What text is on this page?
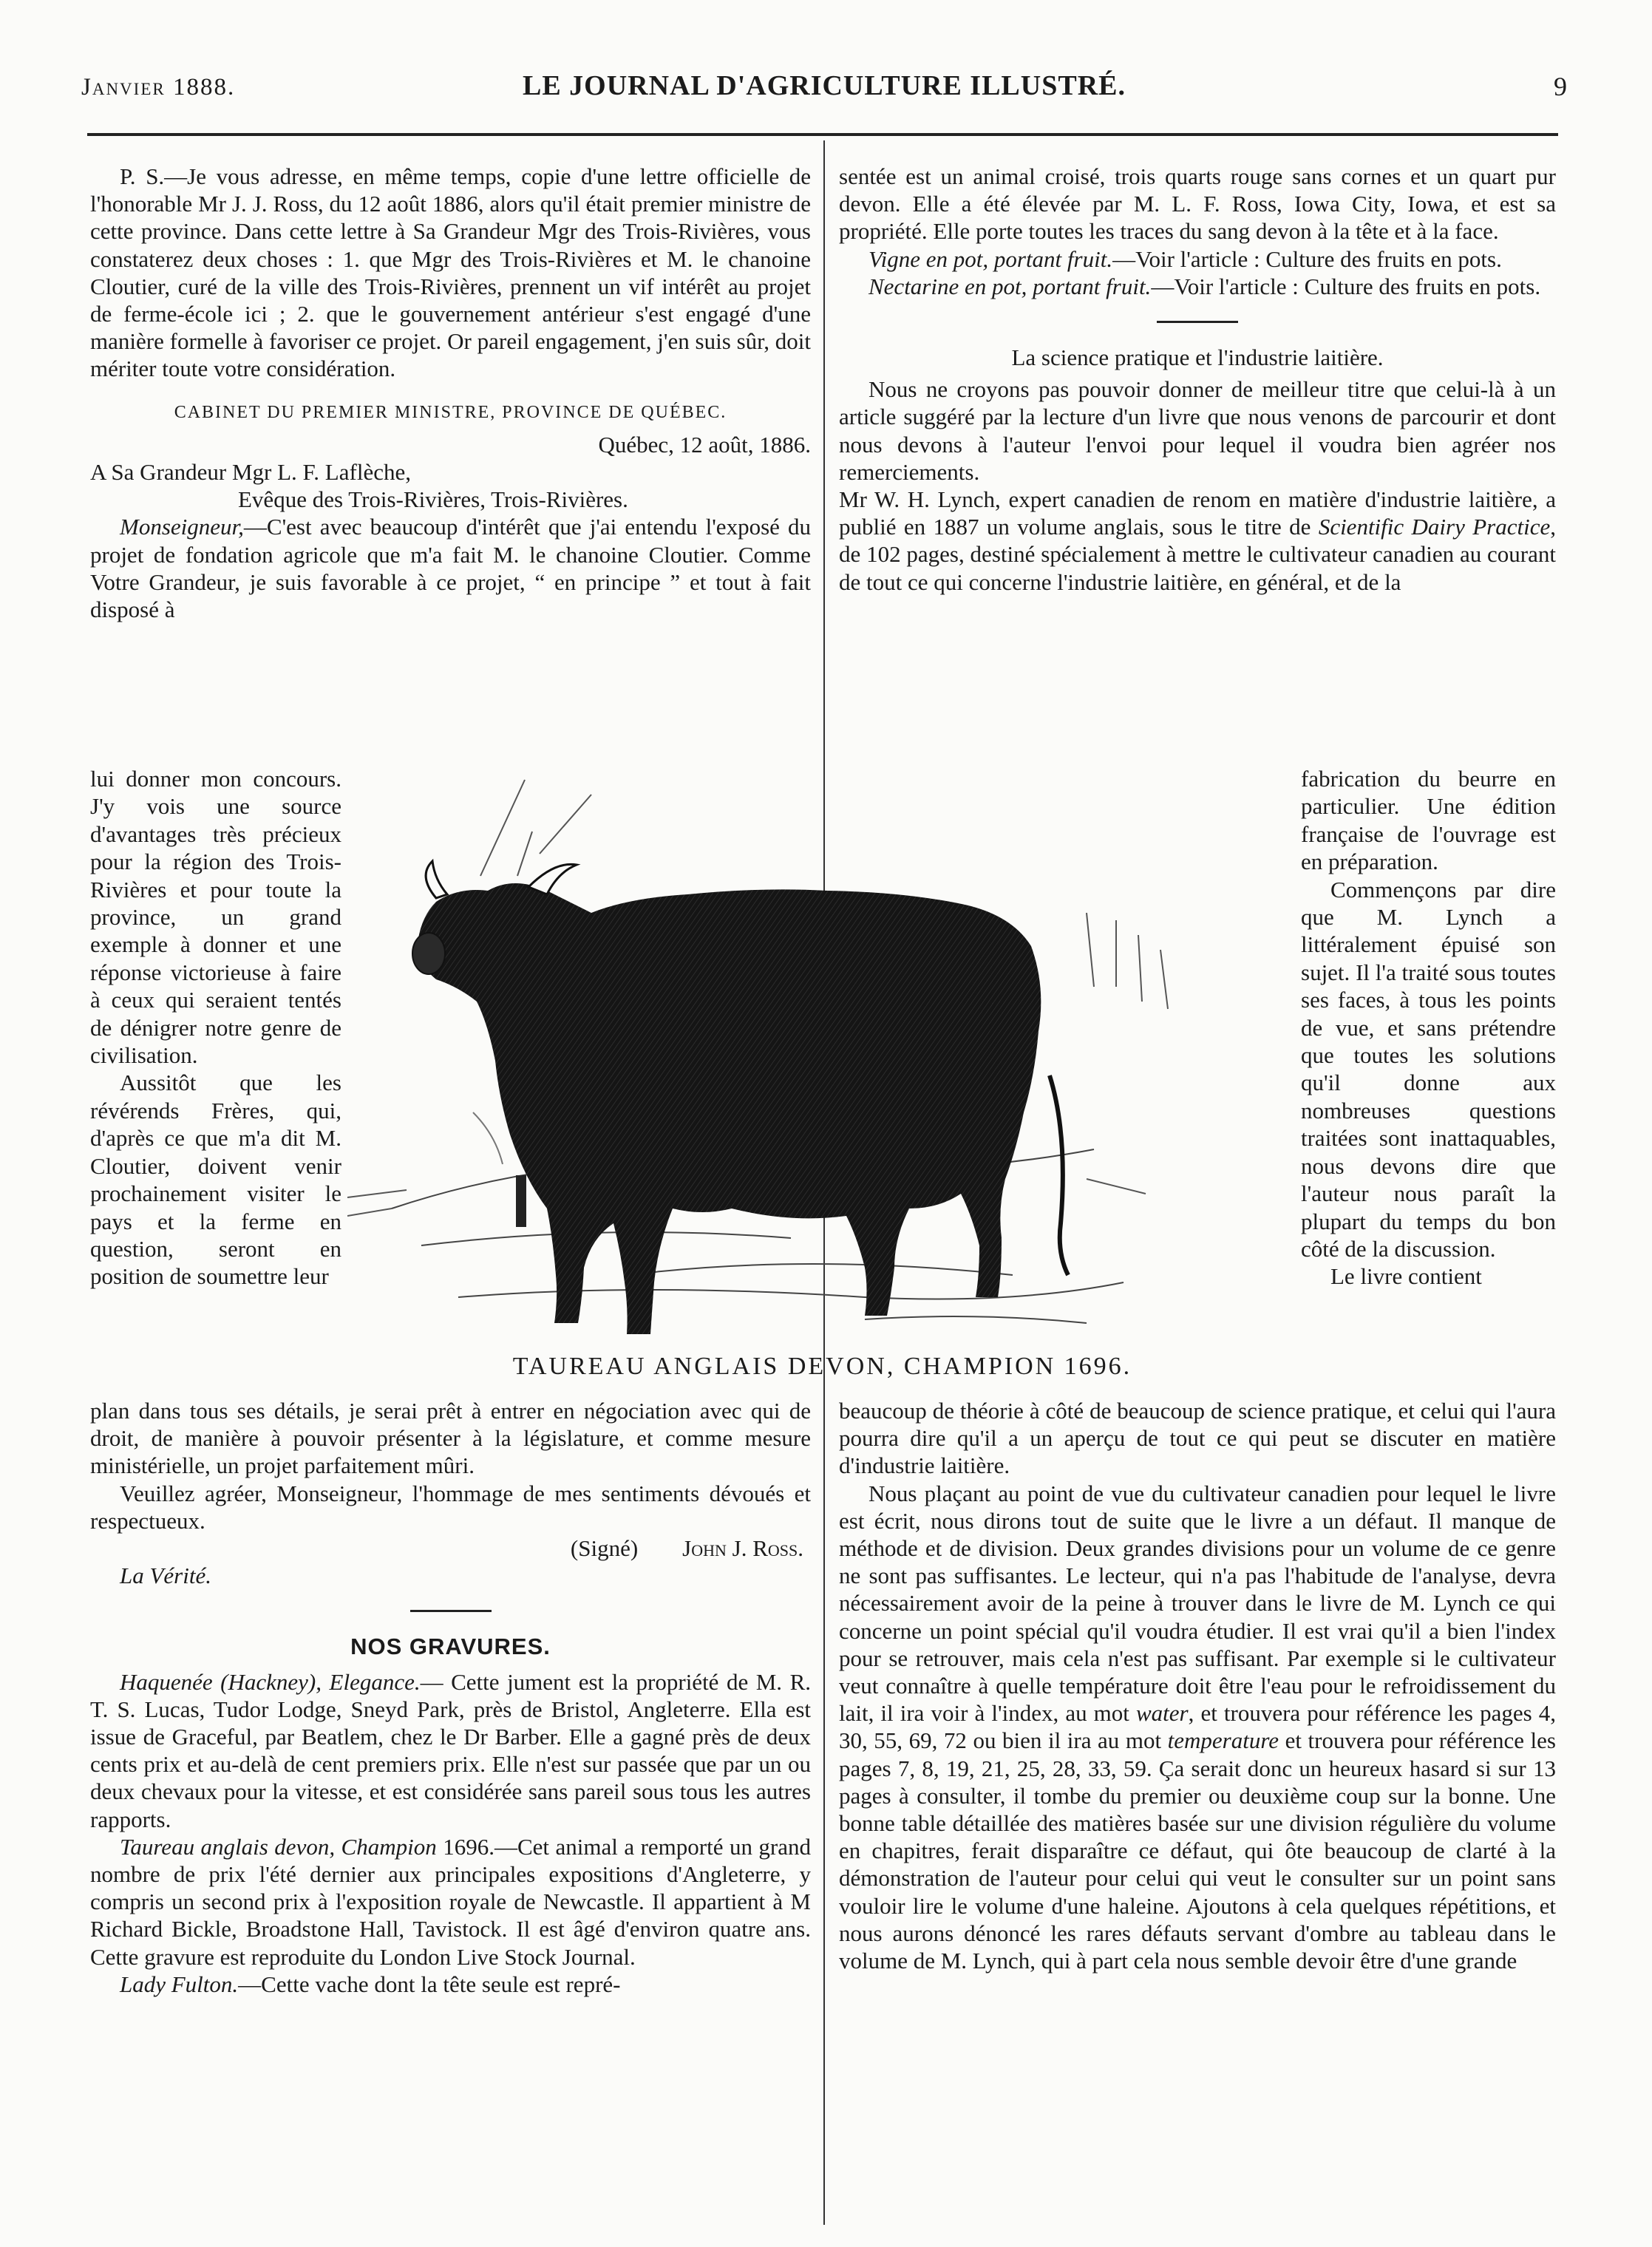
Janvier 1888.	LE JOURNAL D'AGRICULTURE ILLUSTRÉ.	9

P. S.—Je vous adresse, en même temps, copie d'une lettre officielle de l'honorable Mr J. J. Ross, du 12 août 1886, alors qu'il était premier ministre de cette province. Dans cette lettre à Sa Grandeur Mgr des Trois-Rivières, vous constaterez deux choses : 1. que Mgr des Trois-Rivières et M. le chanoine Cloutier, curé de la ville des Trois-Rivières, prennent un vif intérêt au projet de ferme-école ici ; 2. que le gouvernement antérieur s'est engagé d'une manière formelle à favoriser ce projet. Or pareil engagement, j'en suis sûr, doit mériter toute votre considération.

CABINET DU PREMIER MINISTRE, PROVINCE DE QUÉBEC.

Québec, 12 août, 1886.

A Sa Grandeur Mgr L. F. Laflèche,

Evêque des Trois-Rivières, Trois-Rivières.

Monseigneur,—C'est avec beaucoup d'intérêt que j'ai entendu l'exposé du projet de fondation agricole que m'a fait M. le chanoine Cloutier. Comme Votre Grandeur, je suis favorable à ce projet, “ en principe ” et tout à fait disposé à

lui donner mon concours. J'y vois une source d'avantages très précieux pour la région des Trois-Rivières et pour toute la province, un grand exemple à donner et une réponse victorieuse à faire à ceux qui seraient tentés de dénigrer notre genre de civilisation.

Aussitôt que les révérends Frères, qui, d'après ce que m'a dit M. Cloutier, doivent venir prochainement visiter le pays et la ferme en question, seront en position de soumettre leur

TAUREAU ANGLAIS DEVON, CHAMPION 1696.

plan dans tous ses détails, je serai prêt à entrer en négociation avec qui de droit, de manière à pouvoir présenter à la législature, et comme mesure ministérielle, un projet parfaitement mûri.

Veuillez agréer, Monseigneur, l'hommage de mes sentiments dévoués et respectueux.

(Signé) John J. Ross.

La Vérité.

NOS GRAVURES.

Haquenée (Hackney), Elegance.— Cette jument est la propriété de M. R. T. S. Lucas, Tudor Lodge, Sneyd Park, près de Bristol, Angleterre. Ella est issue de Graceful, par Beatlem, chez le Dr Barber. Elle a gagné près de deux cents prix et au-delà de cent premiers prix. Elle n'est sur passée que par un ou deux chevaux pour la vitesse, et est considérée sans pareil sous tous les autres rapports.

Taureau anglais devon, Champion 1696.—Cet animal a remporté un grand nombre de prix l'été dernier aux principales expositions d'Angleterre, y compris un second prix à l'exposition royale de Newcastle. Il appartient à M Richard Bickle, Broadstone Hall, Tavistock. Il est âgé d'environ quatre ans. Cette gravure est reproduite du London Live Stock Journal.

Lady Fulton.—Cette vache dont la tête seule est repré-

sentée est un animal croisé, trois quarts rouge sans cornes et un quart pur devon. Elle a été élevée par M. L. F. Ross, Iowa City, Iowa, et est sa propriété. Elle porte toutes les traces du sang devon à la tête et à la face.

Vigne en pot, portant fruit.—Voir l'article : Culture des fruits en pots.

Nectarine en pot, portant fruit.—Voir l'article : Culture des fruits en pots.

La science pratique et l'industrie laitière.

Nous ne croyons pas pouvoir donner de meilleur titre que celui-là à un article suggéré par la lecture d'un livre que nous venons de parcourir et dont nous devons à l'auteur l'envoi pour lequel il voudra bien agréer nos remerciements.

Mr W. H. Lynch, expert canadien de renom en matière d'industrie laitière, a publié en 1887 un volume anglais, sous le titre de Scientific Dairy Practice, de 102 pages, destiné spécialement à mettre le cultivateur canadien au courant de tout ce qui concerne l'industrie laitière, en général, et de la

fabrication du beurre en particulier. Une édition française de l'ouvrage est en préparation.

Commençons par dire que M. Lynch a littéralement épuisé son sujet. Il l'a traité sous toutes ses faces, à tous les points de vue, et sans prétendre que toutes les solutions qu'il donne aux nombreuses questions traitées sont inattaquables, nous devons dire que l'auteur nous paraît la plupart du temps du bon côté de la discussion.

Le livre contient

beaucoup de théorie à côté de beaucoup de science pratique, et celui qui l'aura pourra dire qu'il a un aperçu de tout ce qui peut se discuter en matière d'industrie laitière.

Nous plaçant au point de vue du cultivateur canadien pour lequel le livre est écrit, nous dirons tout de suite que le livre a un défaut. Il manque de méthode et de division. Deux grandes divisions pour un volume de ce genre ne sont pas suffisantes. Le lecteur, qui n'a pas l'habitude de l'analyse, devra nécessairement avoir de la peine à trouver dans le livre de M. Lynch ce qui concerne un point spécial qu'il voudra étudier. Il est vrai qu'il a bien l'index pour se retrouver, mais cela n'est pas suffisant. Par exemple si le cultivateur veut connaître à quelle température doit être l'eau pour le refroidissement du lait, il ira voir à l'index, au mot water, et trouvera pour référence les pages 4, 30, 55, 69, 72 ou bien il ira au mot temperature et trouvera pour référence les pages 7, 8, 19, 21, 25, 28, 33, 59. Ça serait donc un heureux hasard si sur 13 pages à consulter, il tombe du premier ou deuxième coup sur la bonne. Une bonne table détaillée des matières basée sur une division régulière du volume en chapitres, ferait disparaître ce défaut, qui ôte beaucoup de clarté à la démonstration de l'auteur pour celui qui veut le consulter sur un point sans vouloir lire le volume d'une haleine. Ajoutons à cela quelques répétitions, et nous aurons dénoncé les rares défauts servant d'ombre au tableau dans le volume de M. Lynch, qui à part cela nous semble devoir être d'une grande
